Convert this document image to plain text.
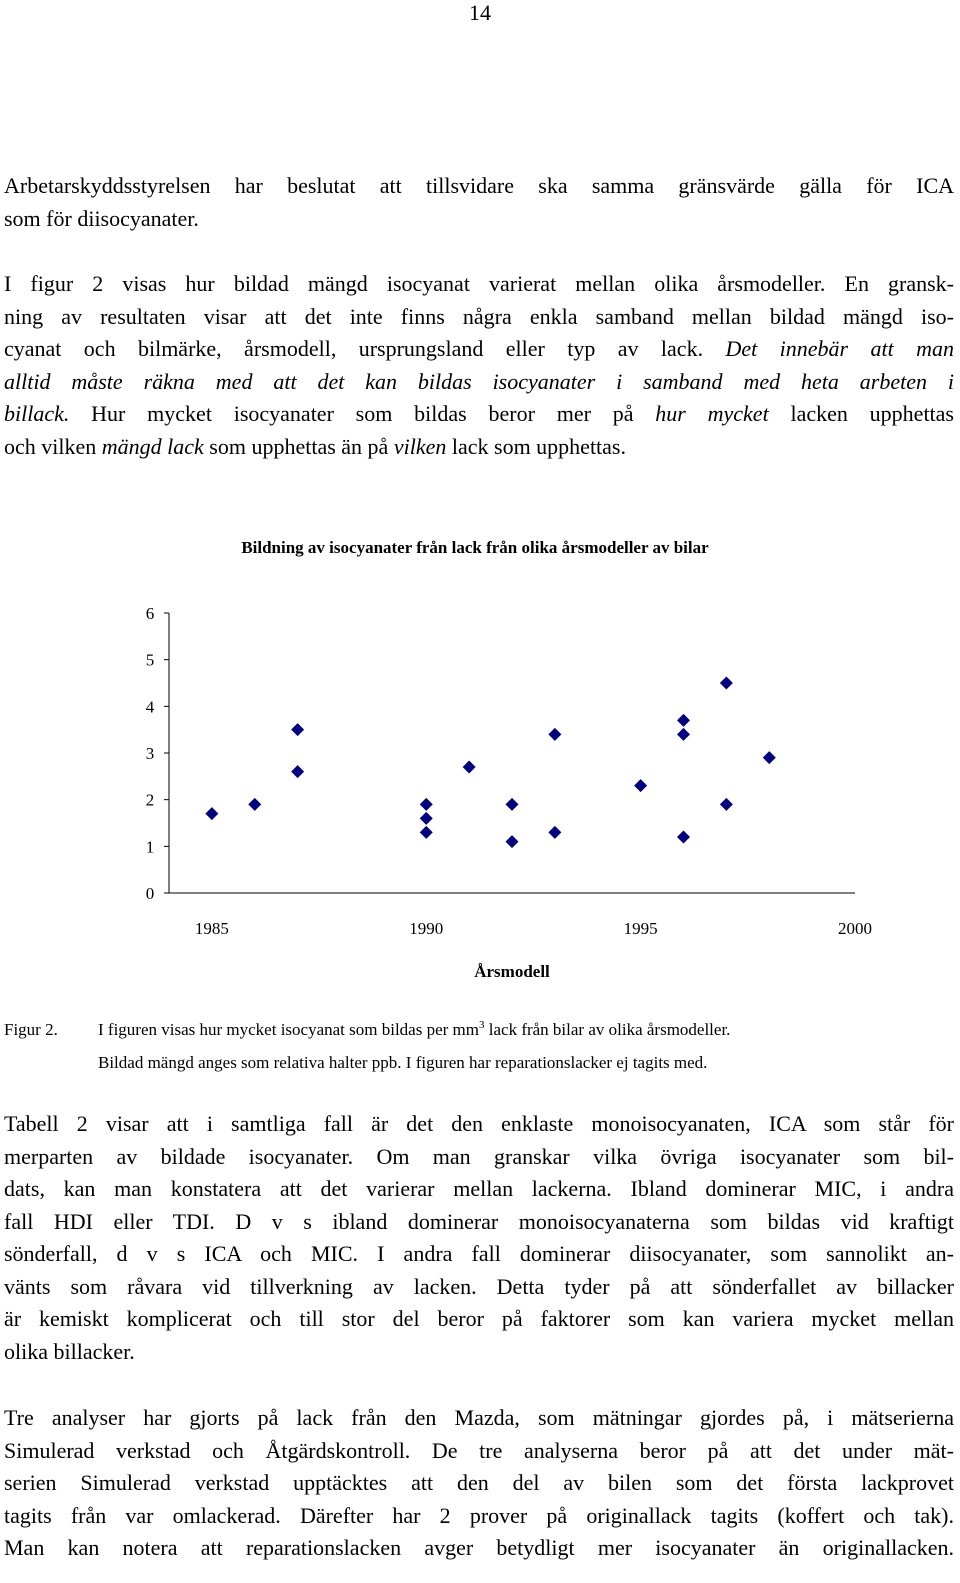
14
Arbetarskyddsstyrelsen har beslutat att tillsvidare ska samma gränsvärde gälla för ICA
som för diisocyanater.
I figur 2 visas hur bildad mängd isocyanat varierat mellan olika årsmodeller. En gransk-
ning av resultaten visar att det inte finns några enkla samband mellan bildad mängd iso-
cyanat och bilmärke, årsmodell, ursprungsland eller typ av lack. Det innebär att man
alltid måste räkna med att det kan bildas isocyanater i samband med heta arbeten i
billack. Hur mycket isocyanater som bildas beror mer på hur mycket lacken upphettas
och vilken mängd lack som upphettas än på vilken lack som upphettas.
Bildning av isocyanater från lack från olika årsmodeller av bilar
Årsmodell
0
1
2
3
4
5
6
1985	1990	1995	2000
Figur 2. I figuren visas hur mycket isocyanat som bildas per $mm^3$ lack från bilar av olika årsmodeller.
Bildad mängd anges som relativa halter ppb. I figuren har reparationslacker ej tagits med.
Tabell 2 visar att i samtliga fall är det den enklaste monoisocyanaten, ICA som står för
merparten av bildade isocyanater. Om man granskar vilka övriga isocyanater som bil-
dats, kan man konstatera att det varierar mellan lackerna. Ibland dominerar MIC, i andra
fall HDI eller TDI. D v s ibland dominerar monoisocyanaterna som bildas vid kraftigt
sönderfall, d v s ICA och MIC. I andra fall dominerar diisocyanater, som sannolikt an-
vänts som råvara vid tillverkning av lacken. Detta tyder på att sönderfallet av billacker
är kemiskt komplicerat och till stor del beror på faktorer som kan variera mycket mellan
olika billacker.
Tre analyser har gjorts på lack från den Mazda, som mätningar gjordes på, i mätserierna
Simulerad verkstad och Åtgärdskontroll. De tre analyserna beror på att det under mät-
serien Simulerad verkstad upptäcktes att den del av bilen som det första lackprovet
tagits från var omlackerad. Därefter har 2 prover på originallack tagits (koffert och tak).
Man kan notera att reparationslacken avger betydligt mer isocyanater än originallacken.
